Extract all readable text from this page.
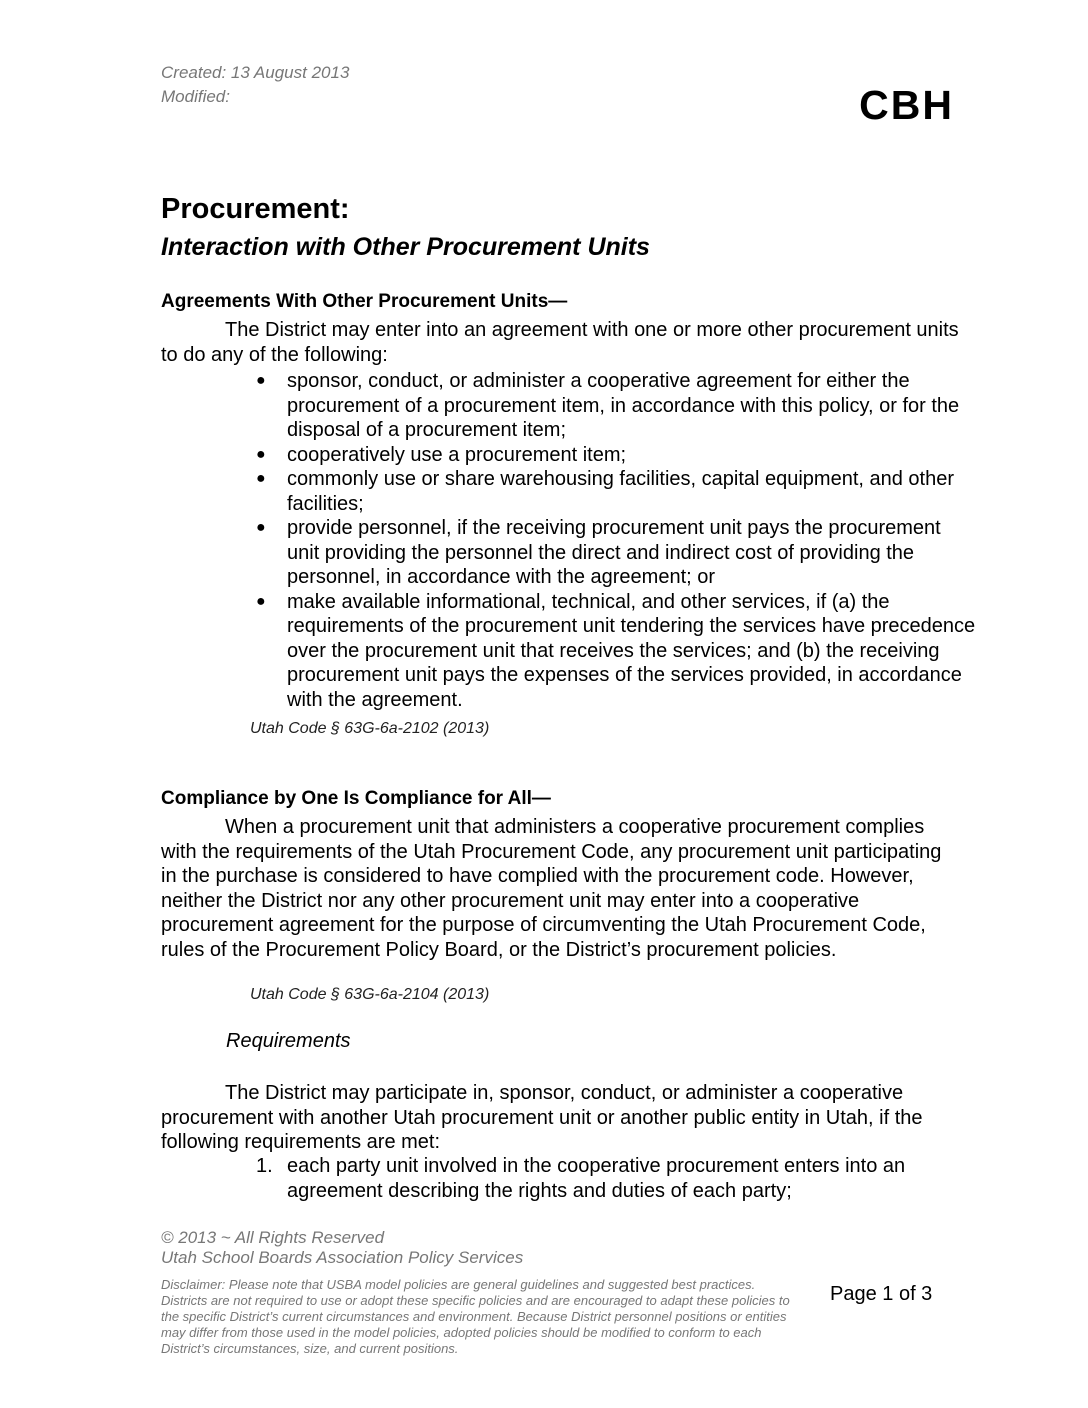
Created: 13 August 2013
Modified:	CBH
Procurement:
Interaction with Other Procurement Units
Agreements With Other Procurement Units—
The District may enter into an agreement with one or more other procurement units to do any of the following:
● sponsor, conduct, or administer a cooperative agreement for either the procurement of a procurement item, in accordance with this policy, or for the disposal of a procurement item;
● cooperatively use a procurement item;
● commonly use or share warehousing facilities, capital equipment, and other facilities;
● provide personnel, if the receiving procurement unit pays the procurement unit providing the personnel the direct and indirect cost of providing the personnel, in accordance with the agreement; or
● make available informational, technical, and other services, if (a) the requirements of the procurement unit tendering the services have precedence over the procurement unit that receives the services; and (b) the receiving procurement unit pays the expenses of the services provided, in accordance with the agreement.
Utah Code § 63G-6a-2102 (2013)
Compliance by One Is Compliance for All—
When a procurement unit that administers a cooperative procurement complies with the requirements of the Utah Procurement Code, any procurement unit participating in the purchase is considered to have complied with the procurement code. However, neither the District nor any other procurement unit may enter into a cooperative procurement agreement for the purpose of circumventing the Utah Procurement Code, rules of the Procurement Policy Board, or the District’s procurement policies.
Utah Code § 63G-6a-2104 (2013)
Requirements
The District may participate in, sponsor, conduct, or administer a cooperative procurement with another Utah procurement unit or another public entity in Utah, if the following requirements are met:
1. each party unit involved in the cooperative procurement enters into an agreement describing the rights and duties of each party;
© 2013 ~ All Rights Reserved
Utah School Boards Association Policy Services
Disclaimer: Please note that USBA model policies are general guidelines and suggested best practices. Districts are not required to use or adopt these specific policies and are encouraged to adapt these policies to the specific District’s current circumstances and environment. Because District personnel positions or entities may differ from those used in the model policies, adopted policies should be modified to conform to each District’s circumstances, size, and current positions.
Page 1 of 3
